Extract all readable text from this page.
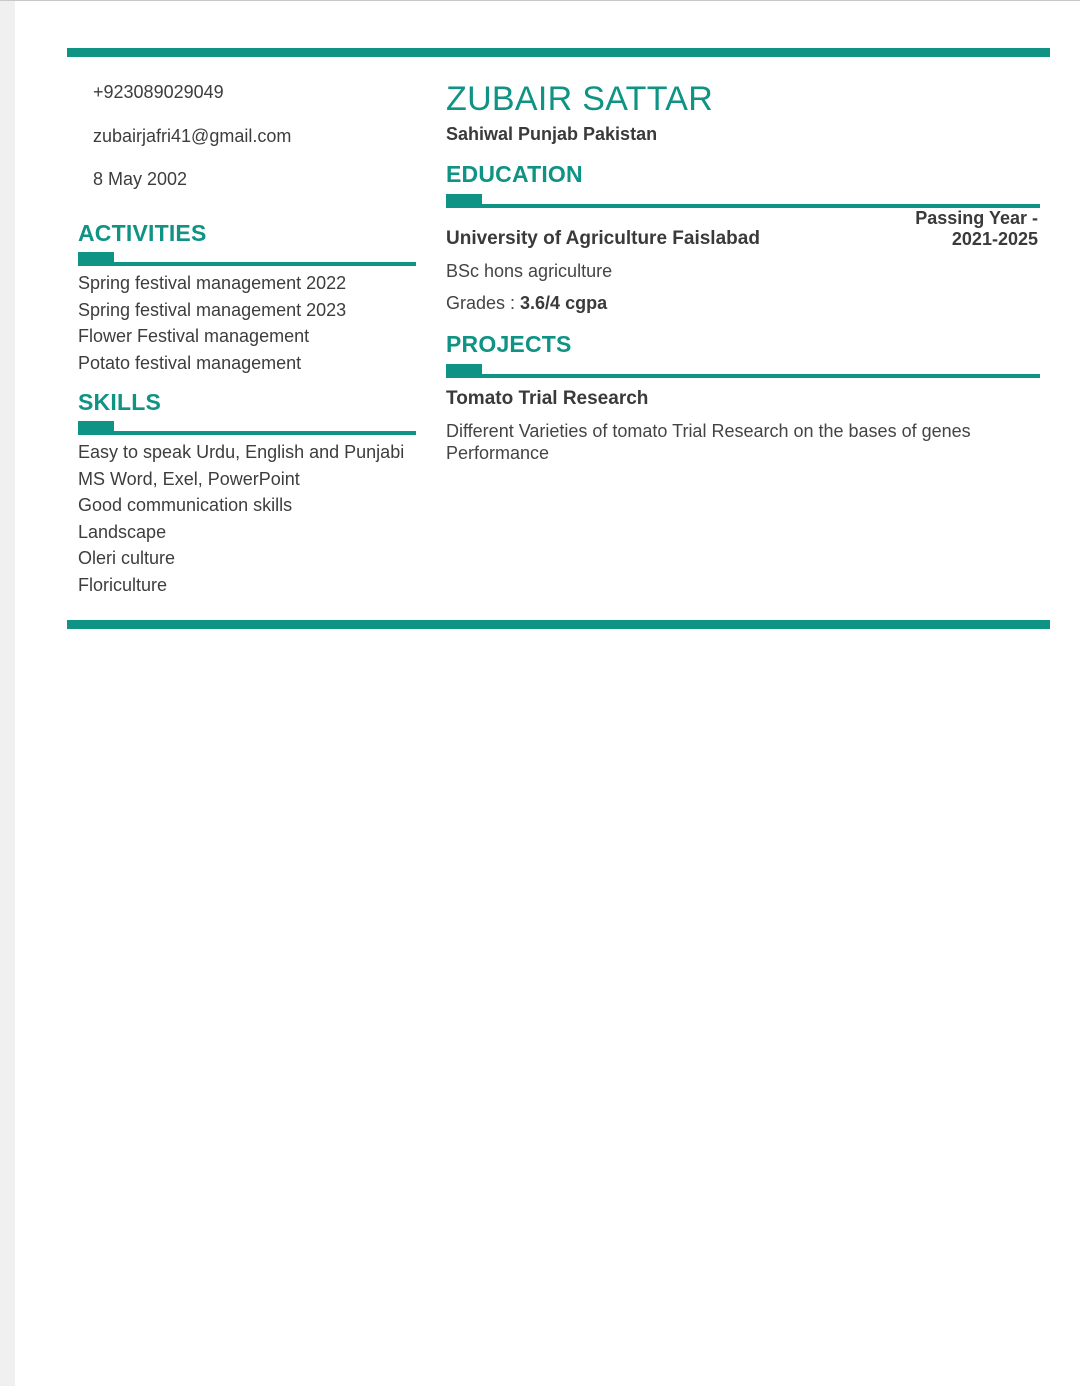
+923089029049
zubairjafri41@gmail.com
8 May 2002
ACTIVITIES
Spring festival management 2022
Spring festival management 2023
Flower Festival management
Potato festival management
SKILLS
Easy to speak Urdu, English and Punjabi
MS Word, Exel, PowerPoint
Good communication skills
Landscape
Oleri culture
Floriculture
ZUBAIR SATTAR
Sahiwal Punjab Pakistan
EDUCATION
Passing Year -
2021-2025
University of Agriculture Faislabad
BSc hons agriculture
Grades : 3.6/4 cgpa
PROJECTS
Tomato Trial Research
Different Varieties of tomato Trial Research on the bases of genes Performance
